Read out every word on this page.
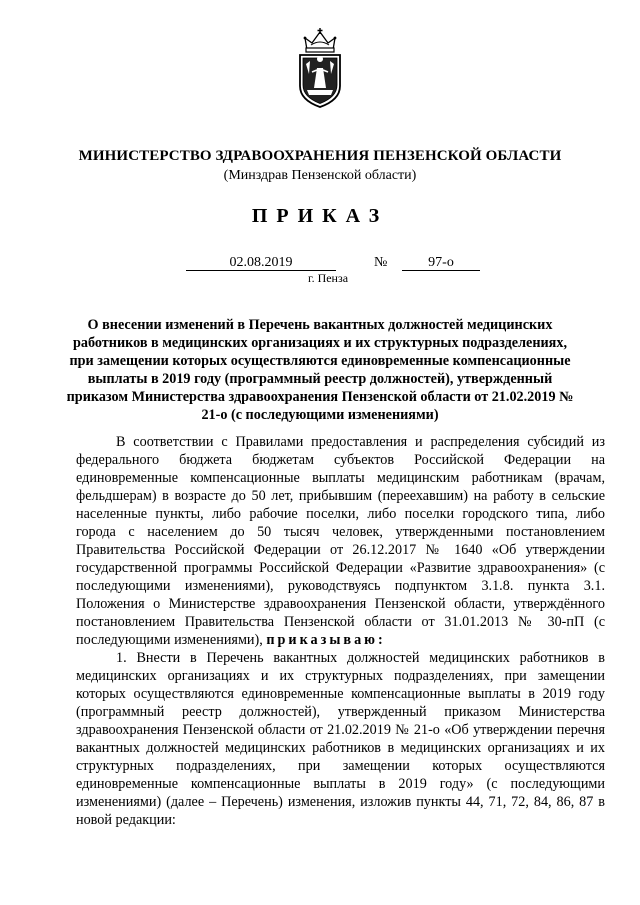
МИНИСТЕРСТВО ЗДРАВООХРАНЕНИЯ ПЕНЗЕНСКОЙ ОБЛАСТИ
(Минздрав Пензенской области)
ПРИКАЗ
02.08.2019	№	97-о
г. Пенза
О внесении изменений в Перечень вакантных должностей медицинских работников в медицинских организациях и их структурных подразделениях, при замещении которых осуществляются единовременные компенсационные выплаты в 2019 году (программный реестр должностей), утвержденный приказом Министерства здравоохранения Пензенской области от 21.02.2019 № 21-о (с последующими изменениями)

В соответствии с Правилами предоставления и распределения субсидий из федерального бюджета бюджетам субъектов Российской Федерации на единовременные компенсационные выплаты медицинским работникам (врачам, фельдшерам) в возрасте до 50 лет, прибывшим (переехавшим) на работу в сельские населенные пункты, либо рабочие поселки, либо поселки городского типа, либо города с населением до 50 тысяч человек, утвержденными постановлением Правительства Российской Федерации от 26.12.2017 № 1640 «Об утверждении государственной программы Российской Федерации «Развитие здравоохранения» (с последующими изменениями), руководствуясь подпунктом 3.1.8. пункта 3.1. Положения о Министерстве здравоохранения Пензенской области, утверждённого постановлением Правительства Пензенской области от 31.01.2013 № 30-пП (с последующими изменениями), приказываю:

1. Внести в Перечень вакантных должностей медицинских работников в медицинских организациях и их структурных подразделениях, при замещении которых осуществляются единовременные компенсационные выплаты в 2019 году (программный реестр должностей), утвержденный приказом Министерства здравоохранения Пензенской области от 21.02.2019 № 21-о «Об утверждении перечня вакантных должностей медицинских работников в медицинских организациях и их структурных подразделениях, при замещении которых осуществляются единовременные компенсационные выплаты в 2019 году» (с последующими изменениями) (далее – Перечень) изменения, изложив пункты 44, 71, 72, 84, 86, 87 в новой редакции:
